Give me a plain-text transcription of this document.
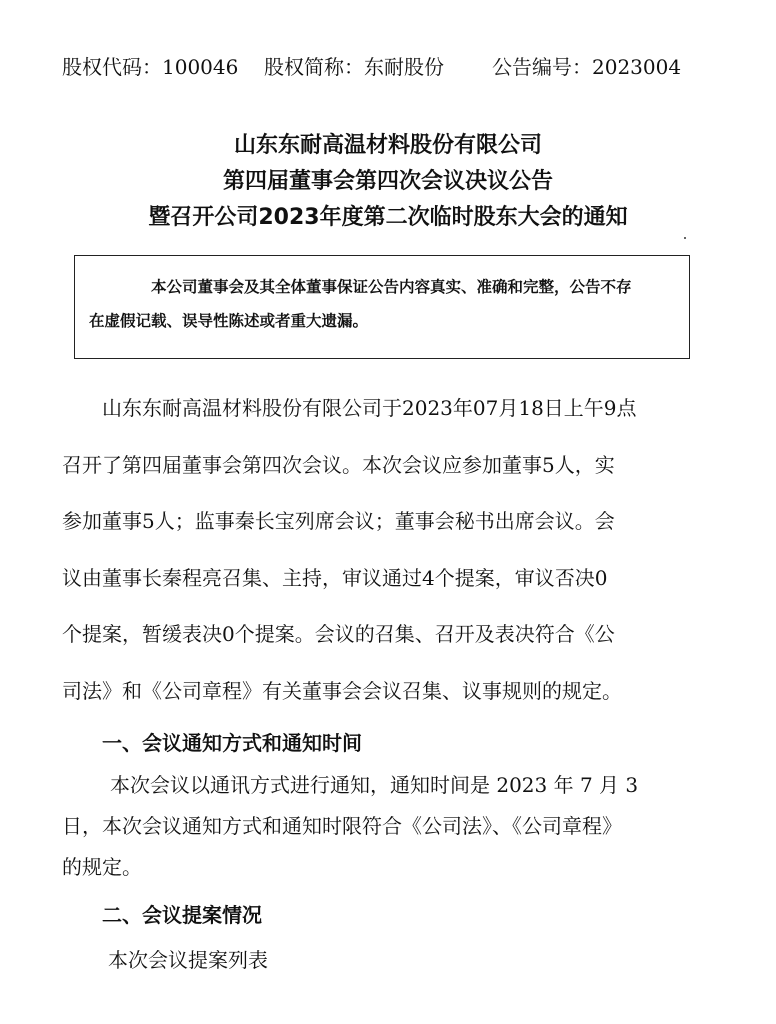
股权代码：100046 股权简称：东耐股份 公告编号：2023004
山东东耐高温材料股份有限公司
第四届董事会第四次会议决议公告
暨召开公司2023年度第二次临时股东大会的通知
本公司董事会及其全体董事保证公告内容真实、准确和完整，公告不存
在虚假记载、误导性陈述或者重大遗漏。
山东东耐高温材料股份有限公司于2023年07月18日上午9点
召开了第四届董事会第四次会议。本次会议应参加董事5人，实
参加董事5人；监事秦长宝列席会议；董事会秘书出席会议。会
议由董事长秦程亮召集、主持，审议通过4个提案，审议否决0
个提案，暂缓表决0个提案。会议的召集、召开及表决符合《公
司法》和《公司章程》有关董事会会议召集、议事规则的规定。
一、会议通知方式和通知时间
本次会议以通讯方式进行通知，通知时间是 2023 年 7 月 3
日，本次会议通知方式和通知时限符合《公司法》、《公司章程》
的规定。
二、会议提案情况
本次会议提案列表
